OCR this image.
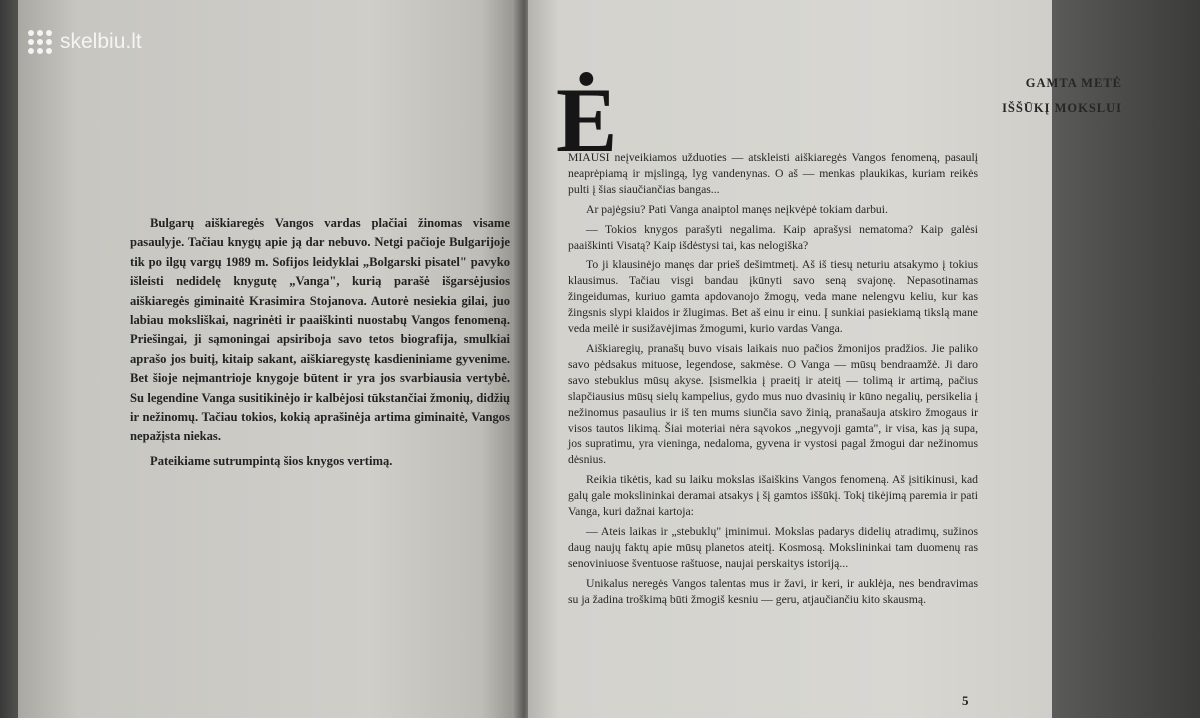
Bulgarų aiškiaregės Vangos vardas plačiai žinomas visame pasaulyje. Tačiau knygų apie ją dar nebuvo. Netgi pačioje Bulgarijoje tik po ilgų vargų 1989 m. Sofijos leidyklai „Bolgarski pisatel" pavyko išleisti nedidelę knygutę „Vanga", kurią parašė išgarsėjusios aiškiaregės giminaitė Krasimira Stojanova. Autorė nesiekia gilai, juo labiau moksliškai, nagrinėti ir paaiškinti nuostabų Vangos fenomeną. Priešingai, ji sąmoningai apsiriboja savo tetos biografija, smulkiai aprašo jos buitį, kitaip sakant, aiškiaregystę kasdieniniame gyvenime. Bet šioje neįmantrioje knygoje būtent ir yra jos svarbiausia vertybė. Su legendine Vanga susitikinėjo ir kalbėjosi tūkstančiai žmonių, didžių ir nežinomų. Tačiau tokios, kokią aprašinėja artima giminaitė, Vangos nepažįsta niekas.

Pateikiame sutrumpintą šios knygos vertimą.

Ė	GAMTA METĖ
IŠŠŪKĮ MOKSLUI

MIAUSI neįveikiamos užduoties — atskleisti aiškiaregės Vangos fenomeną, pasaulį neaprėpiamą ir mįslingą, lyg vandenynas. O aš — menkas plaukikas, kuriam reikės pulti į šias siaučiančias bangas...

Ar pajėgsiu? Pati Vanga anaiptol manęs neįkvėpė tokiam darbui.

— Tokios knygos parašyti negalima. Kaip aprašysi nematoma? Kaip galėsi paaiškinti Visatą? Kaip išdėstysi tai, kas nelogiška?

To ji klausinėjo manęs dar prieš dešimtmetį. Aš iš tiesų neturiu atsakymo į tokius klausimus. Tačiau visgi bandau įkūnyti savo seną svajonę. Nepasotinamas žingeidumas, kuriuo gamta apdovanojo žmogų, veda mane nelengvu keliu, kur kas žingsnis slypi klaidos ir žlugimas. Bet aš einu ir einu. Į sunkiai pasiekiamą tikslą mane veda meilė ir susižavėjimas žmogumi, kurio vardas Vanga.

Aiškiaregių, pranašų buvo visais laikais nuo pačios žmonijos pradžios. Jie paliko savo pėdsakus mituose, legendose, sakmėse. O Vanga — mūsų bendraamžė. Ji daro savo stebuklus mūsų akyse. Įsismelkia į praeitį ir ateitį — tolimą ir artimą, pačius slapčiausius mūsų sielų kampelius, gydo mus nuo dvasinių ir kūno negalių, persikelia į nežinomus pasaulius ir iš ten mums siunčia savo žinią, pranašauja atskiro žmogaus ir visos tautos likimą. Šiai moteriai nėra sąvokos „negyvoji gamta", ir visa, kas ją supa, jos supratimu, yra vieninga, nedaloma, gyvena ir vystosi pagal žmogui dar nežinomus dėsnius.

Reikia tikėtis, kad su laiku mokslas išaiškins Vangos fenomeną. Aš įsitikinusi, kad galų gale mokslininkai deramai atsakys į šį gamtos iššūkį. Tokį tikėjimą paremia ir pati Vanga, kuri dažnai kartoja:

— Ateis laikas ir „stebuklų" įminimui. Mokslas padarys didelių atradimų, sužinos daug naujų faktų apie mūsų planetos ateitį. Kosmosą. Mokslininkai tam duomenų ras senoviniuose šventuose raštuose, naujai perskaitys istoriją...

Unikalus neregės Vangos talentas mus ir žavi, ir keri, ir auklėja, nes bendravimas su ja žadina troškimą būti žmogiš kesniu — geru, atjaučiančiu kito skausmą.

5
skelbiu.lt
